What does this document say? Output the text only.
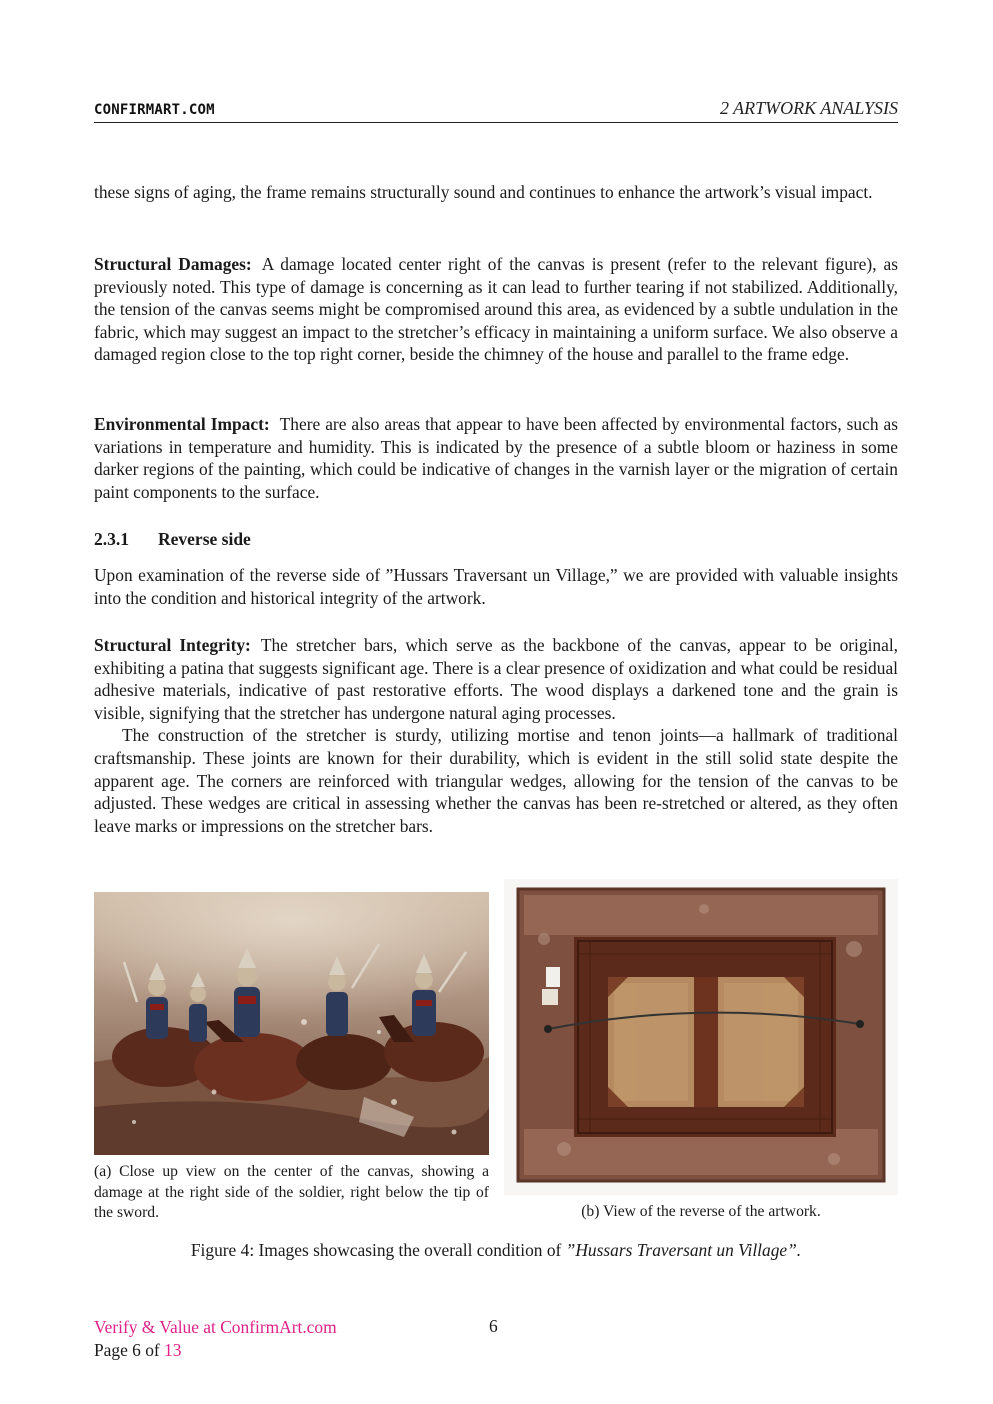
CONFIRMART.COM	2 ARTWORK ANALYSIS

these signs of aging, the frame remains structurally sound and continues to enhance the artwork’s visual impact.

Structural Damages: A damage located center right of the canvas is present (refer to the relevant figure), as previously noted. This type of damage is concerning as it can lead to further tearing if not stabilized. Additionally, the tension of the canvas seems might be compromised around this area, as evidenced by a subtle undulation in the fabric, which may suggest an impact to the stretcher’s efficacy in maintaining a uniform surface. We also observe a damaged region close to the top right corner, beside the chimney of the house and parallel to the frame edge.

Environmental Impact: There are also areas that appear to have been affected by environmental factors, such as variations in temperature and humidity. This is indicated by the presence of a subtle bloom or haziness in some darker regions of the painting, which could be indicative of changes in the varnish layer or the migration of certain paint components to the surface.

2.3.1 Reverse side

Upon examination of the reverse side of ”Hussars Traversant un Village,” we are provided with valuable insights into the condition and historical integrity of the artwork.

Structural Integrity: The stretcher bars, which serve as the backbone of the canvas, appear to be original, exhibiting a patina that suggests significant age. There is a clear presence of oxidization and what could be residual adhesive materials, indicative of past restorative efforts. The wood displays a darkened tone and the grain is visible, signifying that the stretcher has undergone natural aging processes.

The construction of the stretcher is sturdy, utilizing mortise and tenon joints—a hallmark of traditional craftsmanship. These joints are known for their durability, which is evident in the still solid state despite the apparent age. The corners are reinforced with triangular wedges, allowing for the tension of the canvas to be adjusted. These wedges are critical in assessing whether the canvas has been re-stretched or altered, as they often leave marks or impressions on the stretcher bars.

(a) Close up view on the center of the canvas, showing a damage at the right side of the soldier, right below the tip of the sword.	(b) View of the reverse of the artwork.
Figure 4: Images showcasing the overall condition of ”Hussars Traversant un Village”.
Verify & Value at ConfirmArt.com
Page 6 of 13
6
